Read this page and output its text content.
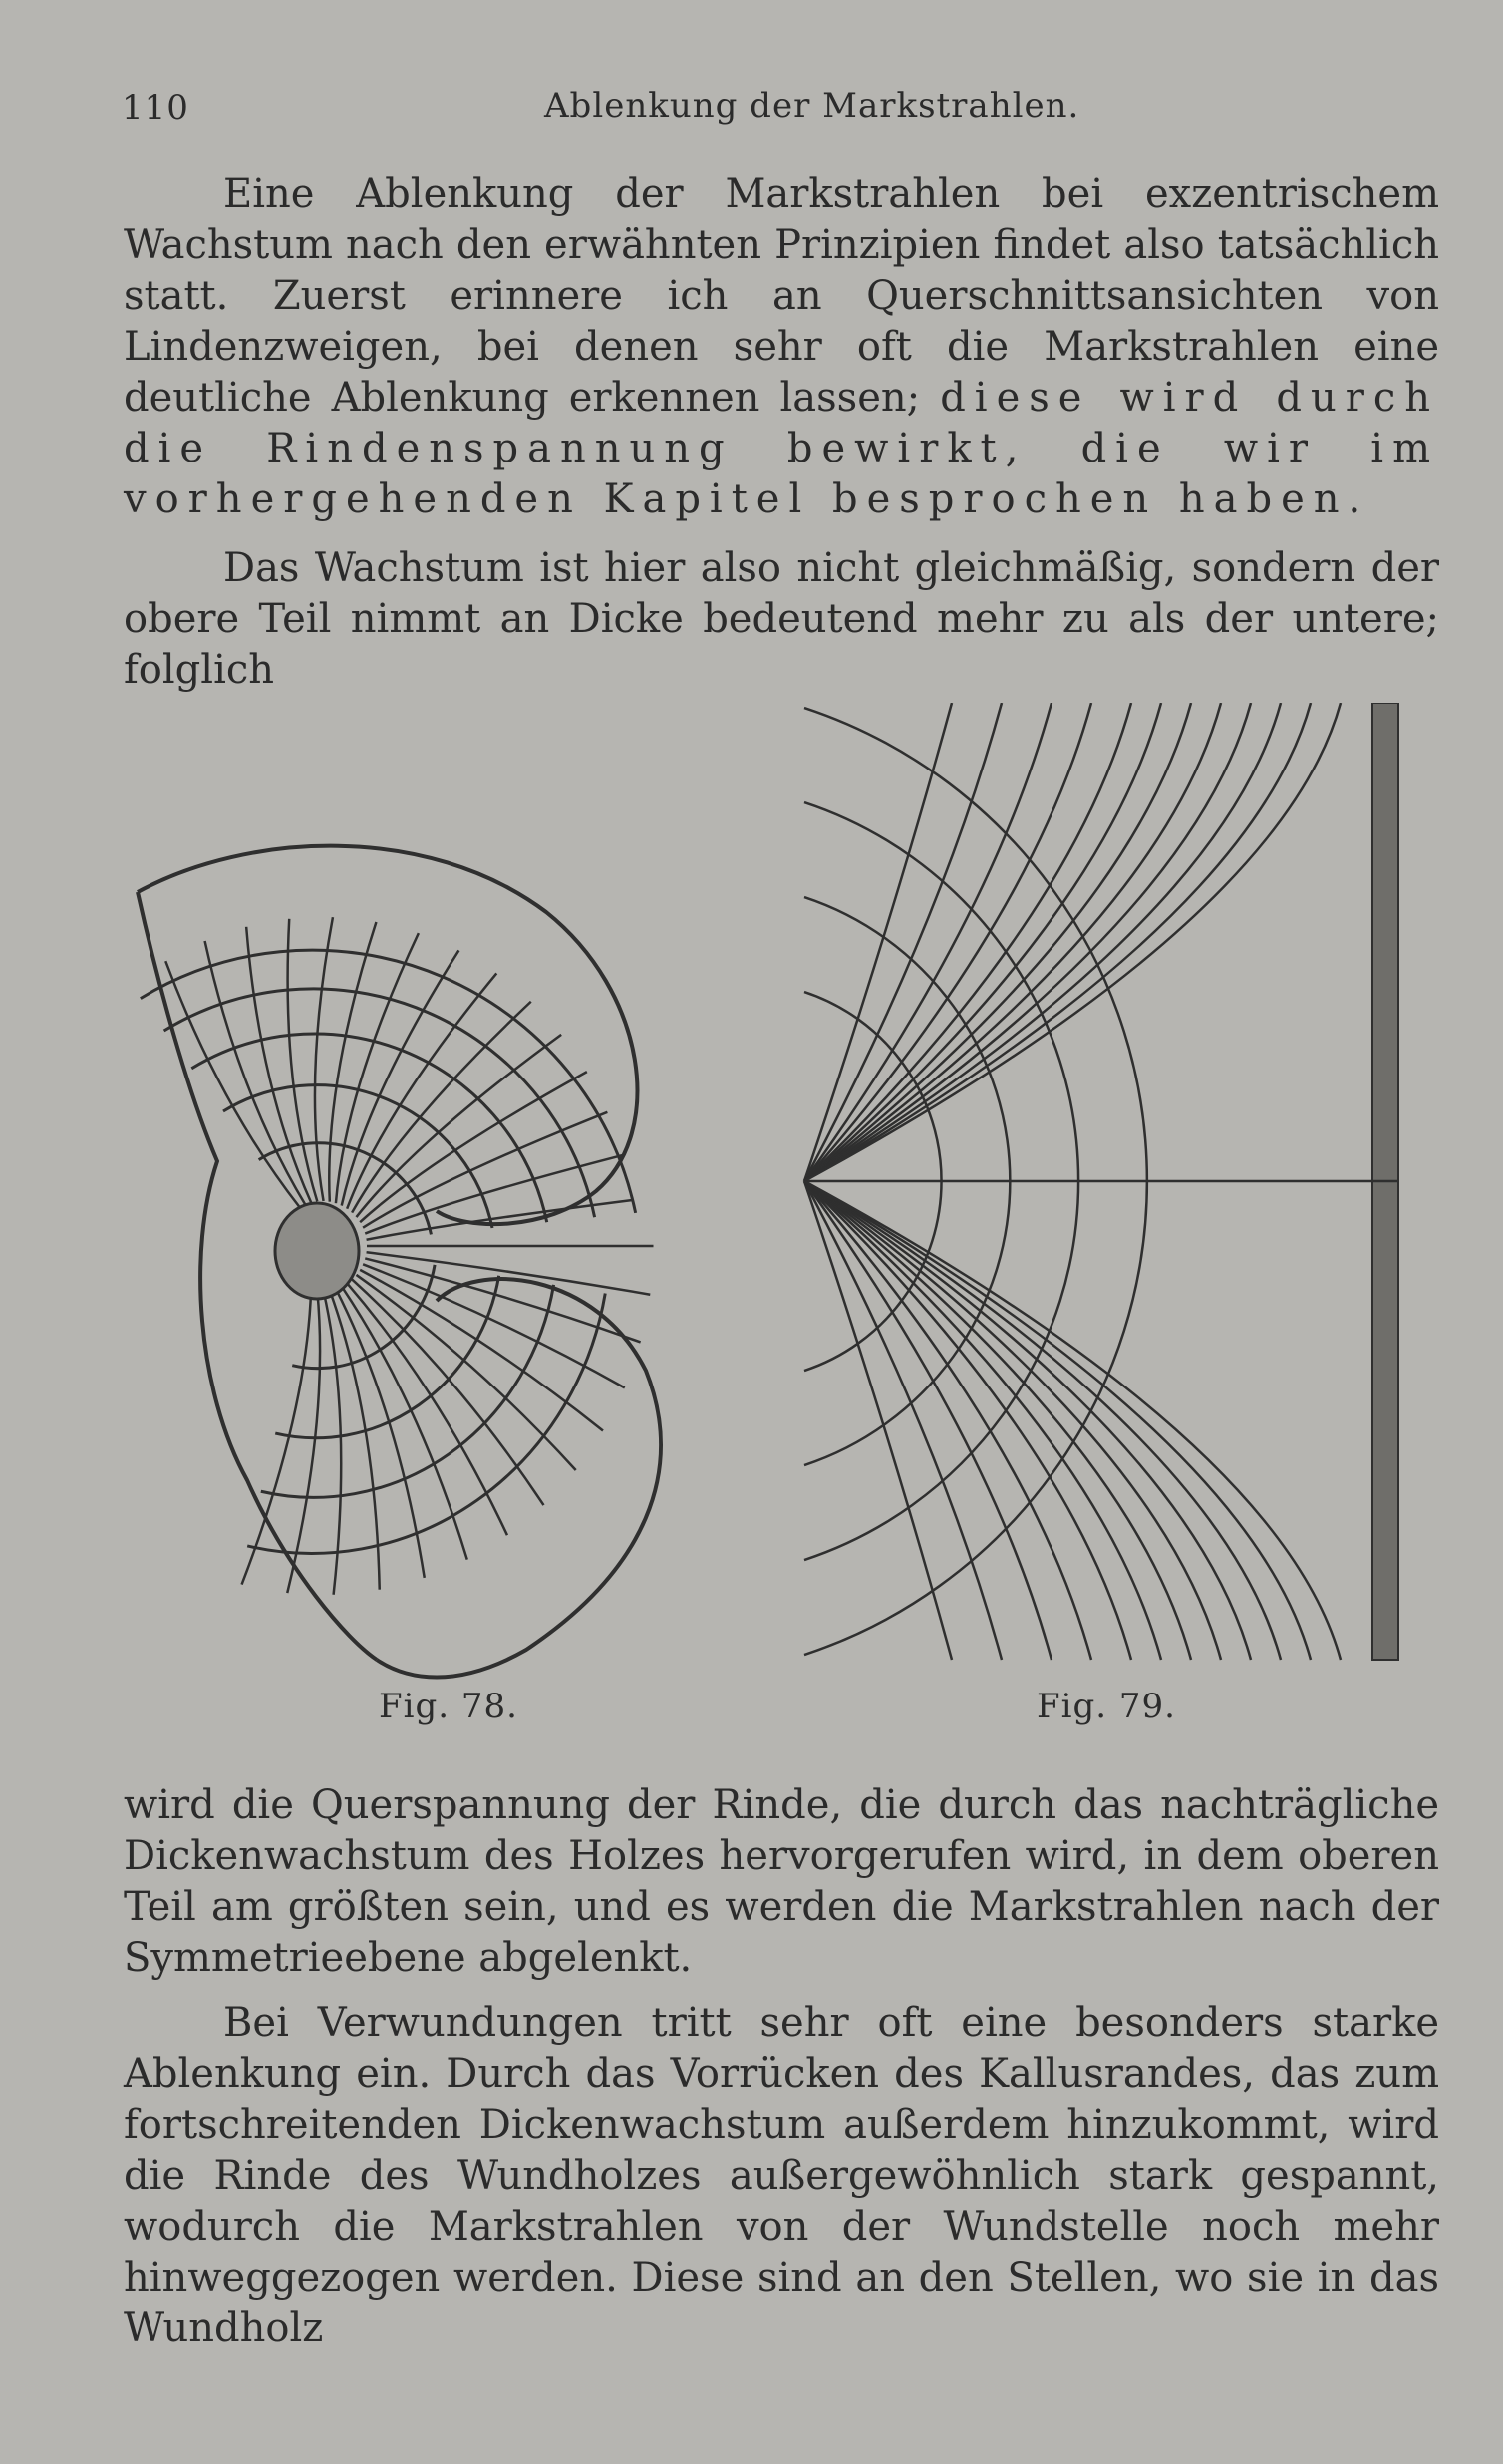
110	Ablenkung der Markstrahlen.

Eine Ablenkung der Markstrahlen bei exzentrischem Wachstum nach den erwähnten Prinzipien findet also tatsächlich statt. Zuerst erinnere ich an Querschnittsansichten von Lindenzweigen, bei denen sehr oft die Markstrahlen eine deutliche Ablenkung erkennen lassen; diese wird durch die Rindenspannung bewirkt, die wir im vorhergehenden Kapitel besprochen haben.

Das Wachstum ist hier also nicht gleichmäßig, sondern der obere Teil nimmt an Dicke bedeutend mehr zu als der untere; folglich

Fig. 78.	Fig. 79.

wird die Querspannung der Rinde, die durch das nachträgliche Dickenwachstum des Holzes hervorgerufen wird, in dem oberen Teil am größten sein, und es werden die Markstrahlen nach der Symmetrieebene abgelenkt.

Bei Verwundungen tritt sehr oft eine besonders starke Ablenkung ein. Durch das Vorrücken des Kallusrandes, das zum fortschreitenden Dickenwachstum außerdem hinzukommt, wird die Rinde des Wundholzes außergewöhnlich stark gespannt, wodurch die Markstrahlen von der Wundstelle noch mehr hinweggezogen werden. Diese sind an den Stellen, wo sie in das Wundholz
